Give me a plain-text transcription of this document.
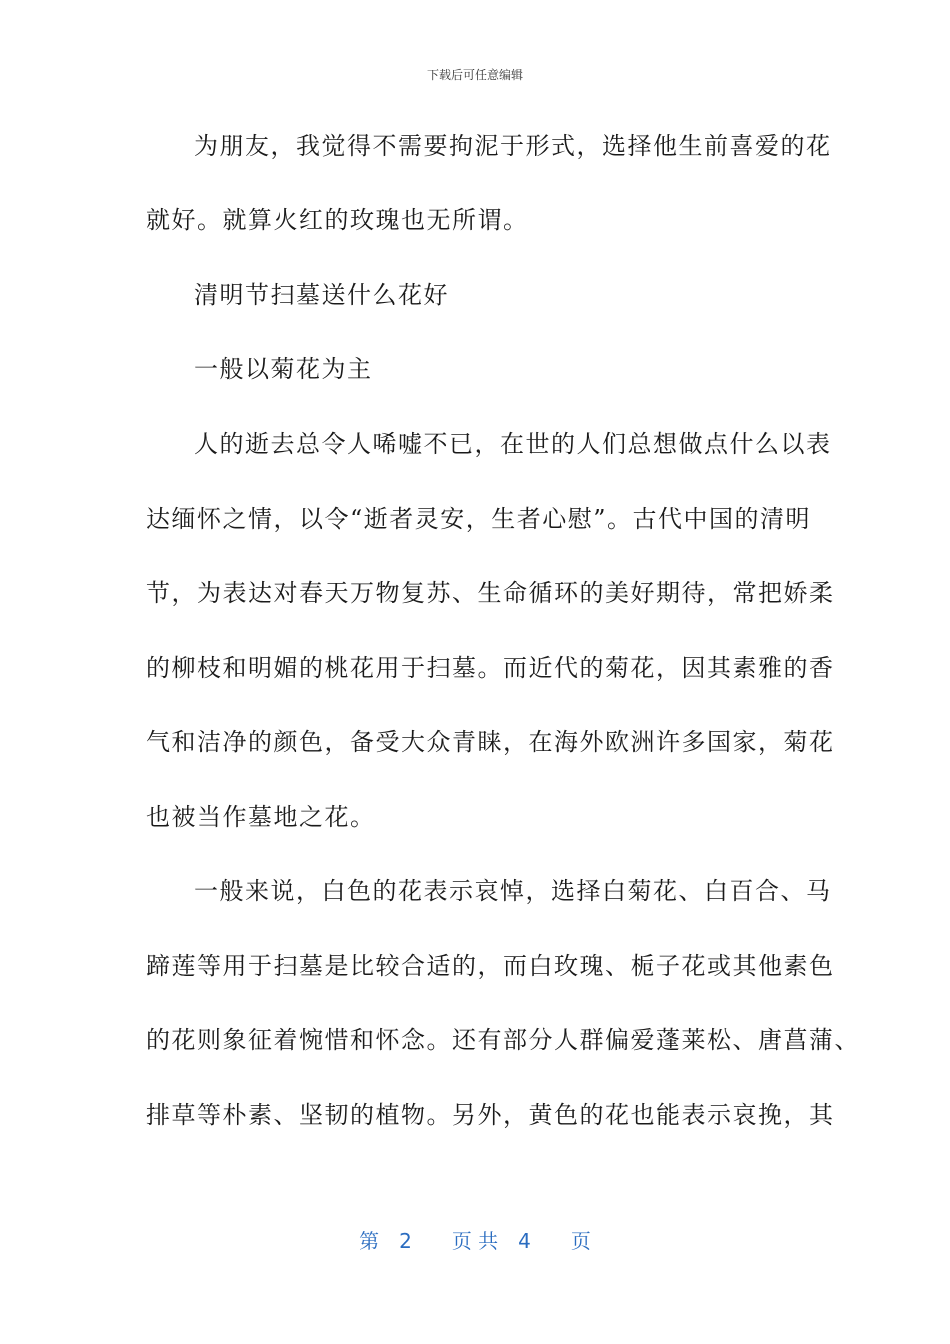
下载后可任意编辑
为朋友，我觉得不需要拘泥于形式，选择他生前喜爱的花
就好。就算火红的玫瑰也无所谓。
清明节扫墓送什么花好
一般以菊花为主
人的逝去总令人唏嘘不已，在世的人们总想做点什么以表
达缅怀之情，以令“逝者灵安，生者心慰”。古代中国的清明
节，为表达对春天万物复苏、生命循环的美好期待，常把娇柔
的柳枝和明媚的桃花用于扫墓。而近代的菊花，因其素雅的香
气和洁净的颜色，备受大众青睐，在海外欧洲许多国家，菊花
也被当作墓地之花。
一般来说，白色的花表示哀悼，选择白菊花、白百合、马
蹄莲等用于扫墓是比较合适的，而白玫瑰、栀子花或其他素色
的花则象征着惋惜和怀念。还有部分人群偏爱蓬莱松、唐菖蒲、
排草等朴素、坚韧的植物。另外，黄色的花也能表示哀挽，其
第 2 页 共 4 页
